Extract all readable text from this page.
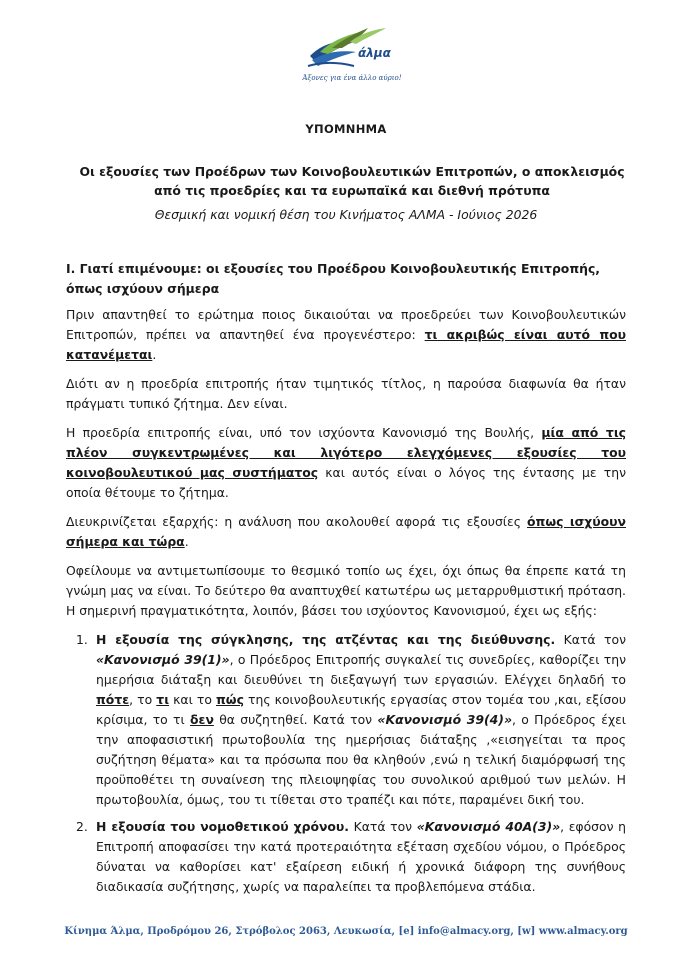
άλμα
Άξονες για ένα άλλο αύριο!
ΥΠΟΜΝΗΜΑ
Οι εξουσίες των Προέδρων των Κοινοβουλευτικών Επιτροπών, ο αποκλεισμός
από τις προεδρίες και τα ευρωπαϊκά και διεθνή πρότυπα
Θεσμική και νομική θέση του Κινήματος ΑΛΜΑ - Ιούνιος 2026

I. Γιατί επιμένουμε: οι εξουσίες του Προέδρου Κοινοβουλευτικής Επιτροπής, όπως ισχύουν σήμερα

Πριν απαντηθεί το ερώτημα ποιος δικαιούται να προεδρεύει των Κοινοβουλευτικών Επιτροπών, πρέπει να απαντηθεί ένα προγενέστερο: τι ακριβώς είναι αυτό που κατανέμεται.

Διότι αν η προεδρία επιτροπής ήταν τιμητικός τίτλος, η παρούσα διαφωνία θα ήταν πράγματι τυπικό ζήτημα. Δεν είναι.

Η προεδρία επιτροπής είναι, υπό τον ισχύοντα Κανονισμό της Βουλής, μία από τις πλέον συγκεντρωμένες και λιγότερο ελεγχόμενες εξουσίες του κοινοβουλευτικού μας συστήματος και αυτός είναι ο λόγος της έντασης με την οποία θέτουμε το ζήτημα.

Διευκρινίζεται εξαρχής: η ανάλυση που ακολουθεί αφορά τις εξουσίες όπως ισχύουν σήμερα και τώρα.

Οφείλουμε να αντιμετωπίσουμε το θεσμικό τοπίο ως έχει, όχι όπως θα έπρεπε κατά τη γνώμη μας να είναι. Το δεύτερο θα αναπτυχθεί κατωτέρω ως μεταρρυθμιστική πρόταση. Η σημερινή πραγματικότητα, λοιπόν, βάσει του ισχύοντος Κανονισμού, έχει ως εξής:

1. Η εξουσία της σύγκλησης, της ατζέντας και της διεύθυνσης. Κατά τον «Κανονισμό 39(1)», ο Πρόεδρος Επιτροπής συγκαλεί τις συνεδρίες, καθορίζει την ημερήσια διάταξη και διευθύνει τη διεξαγωγή των εργασιών. Ελέγχει δηλαδή το πότε, το τι και το πώς της κοινοβουλευτικής εργασίας στον τομέα του ,και, εξίσου κρίσιμα, το τι δεν θα συζητηθεί. Κατά τον «Κανονισμό 39(4)», ο Πρόεδρος έχει την αποφασιστική πρωτοβουλία της ημερήσιας διάταξης ,«εισηγείται τα προς συζήτηση θέματα» και τα πρόσωπα που θα κληθούν ,ενώ η τελική διαμόρφωσή της προϋποθέτει τη συναίνεση της πλειοψηφίας του συνολικού αριθμού των μελών. Η πρωτοβουλία, όμως, του τι τίθεται στο τραπέζι και πότε, παραμένει δική του.
2. Η εξουσία του νομοθετικού χρόνου. Κατά τον «Κανονισμό 40Α(3)», εφόσον η Επιτροπή αποφασίσει την κατά προτεραιότητα εξέταση σχεδίου νόμου, ο Πρόεδρος δύναται να καθορίσει κατ' εξαίρεση ειδική ή χρονικά διάφορη της συνήθους διαδικασία συζήτησης, χωρίς να παραλείπει τα προβλεπόμενα στάδια.
Κίνημα Άλμα, Προδρόμου 26, Στρόβολος 2063, Λευκωσία, [e] info@almacy.org, [w] www.almacy.org
